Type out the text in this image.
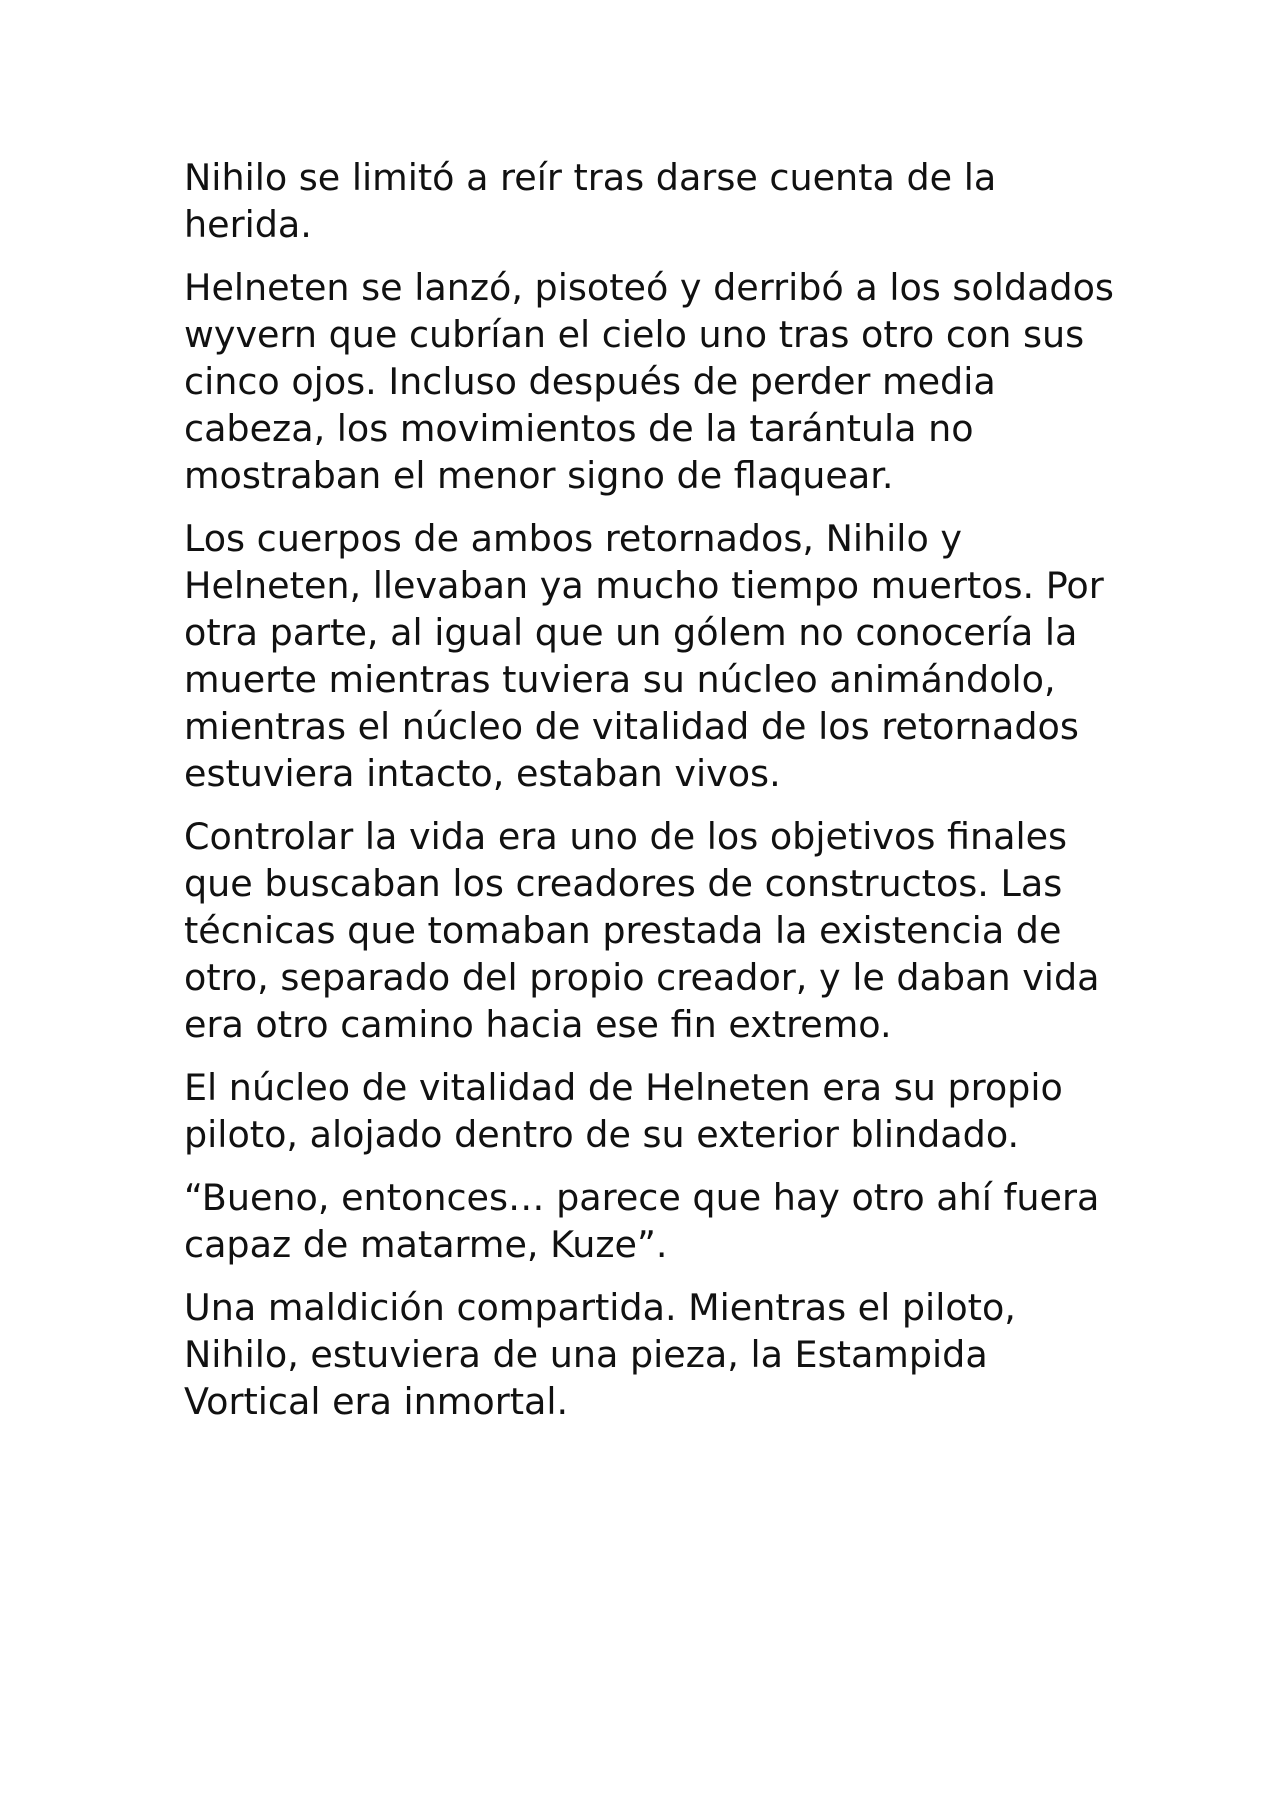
Nihilo se limitó a reír tras darse cuenta de la herida.

Helneten se lanzó, pisoteó y derribó a los soldados wyvern que cubrían el cielo uno tras otro con sus cinco ojos. Incluso después de perder media cabeza, los movimientos de la tarántula no mostraban el menor signo de flaquear.

Los cuerpos de ambos retornados, Nihilo y Helneten, llevaban ya mucho tiempo muertos. Por otra parte, al igual que un gólem no conocería la muerte mientras tuviera su núcleo animándolo, mientras el núcleo de vitalidad de los retornados estuviera intacto, estaban vivos.

Controlar la vida era uno de los objetivos finales que buscaban los creadores de constructos. Las técnicas que tomaban prestada la existencia de otro, separado del propio creador, y le daban vida era otro camino hacia ese fin extremo.

El núcleo de vitalidad de Helneten era su propio piloto, alojado dentro de su exterior blindado.

“Bueno, entonces… parece que hay otro ahí fuera capaz de matarme, Kuze”.

Una maldición compartida. Mientras el piloto, Nihilo, estuviera de una pieza, la Estampida Vortical era inmortal.
